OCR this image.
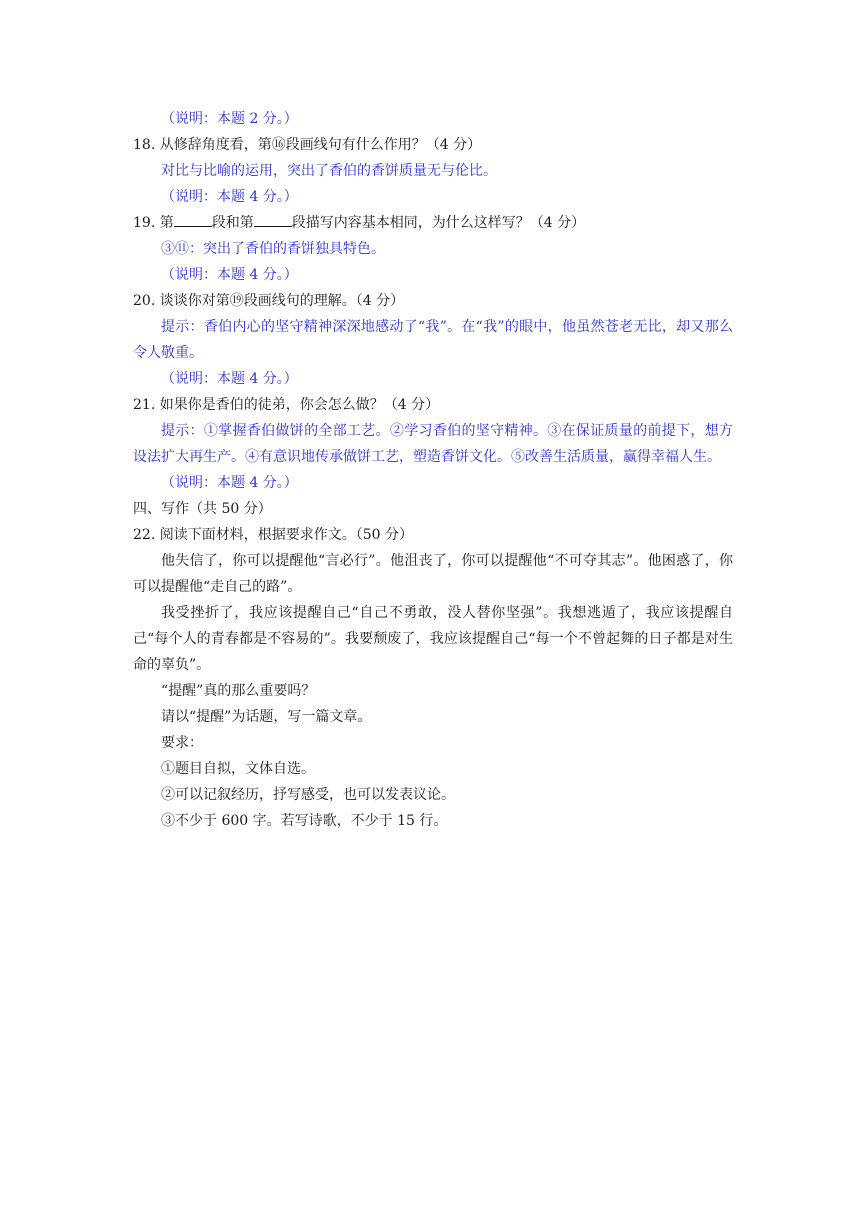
（说明：本题 2 分。）
18. 从修辞角度看，第⑯段画线句有什么作用？（4 分）
对比与比喻的运用，突出了香伯的香饼质量无与伦比。
（说明：本题 4 分。）
19. 第	段和第	段描写内容基本相同，为什么这样写？（4 分）
③⑪：突出了香伯的香饼独具特色。
（说明：本题 4 分。）
20. 谈谈你对第⑲段画线句的理解。（4 分）
提示：香伯内心的坚守精神深深地感动了“我”。在“我”的眼中，他虽然苍老无比，却又那么令人敬重。
（说明：本题 4 分。）
21. 如果你是香伯的徒弟，你会怎么做？（4 分）
提示：①掌握香伯做饼的全部工艺。②学习香伯的坚守精神。③在保证质量的前提下，想方设法扩大再生产。④有意识地传承做饼工艺，塑造香饼文化。⑤改善生活质量，赢得幸福人生。
（说明：本题 4 分。）
四、写作（共 50 分）
22. 阅读下面材料，根据要求作文。（50 分）
他失信了，你可以提醒他“言必行”。他沮丧了，你可以提醒他“不可夺其志”。他困惑了，你可以提醒他“走自己的路”。
我受挫折了，我应该提醒自己“自己不勇敢，没人替你坚强”。我想逃遁了，我应该提醒自己“每个人的青春都是不容易的”。我要颓废了，我应该提醒自己“每一个不曾起舞的日子都是对生命的辜负”。
“提醒”真的那么重要吗？
请以“提醒”为话题，写一篇文章。
要求：
①题目自拟，文体自选。
②可以记叙经历，抒写感受，也可以发表议论。
③不少于 600 字。若写诗歌，不少于 15 行。
